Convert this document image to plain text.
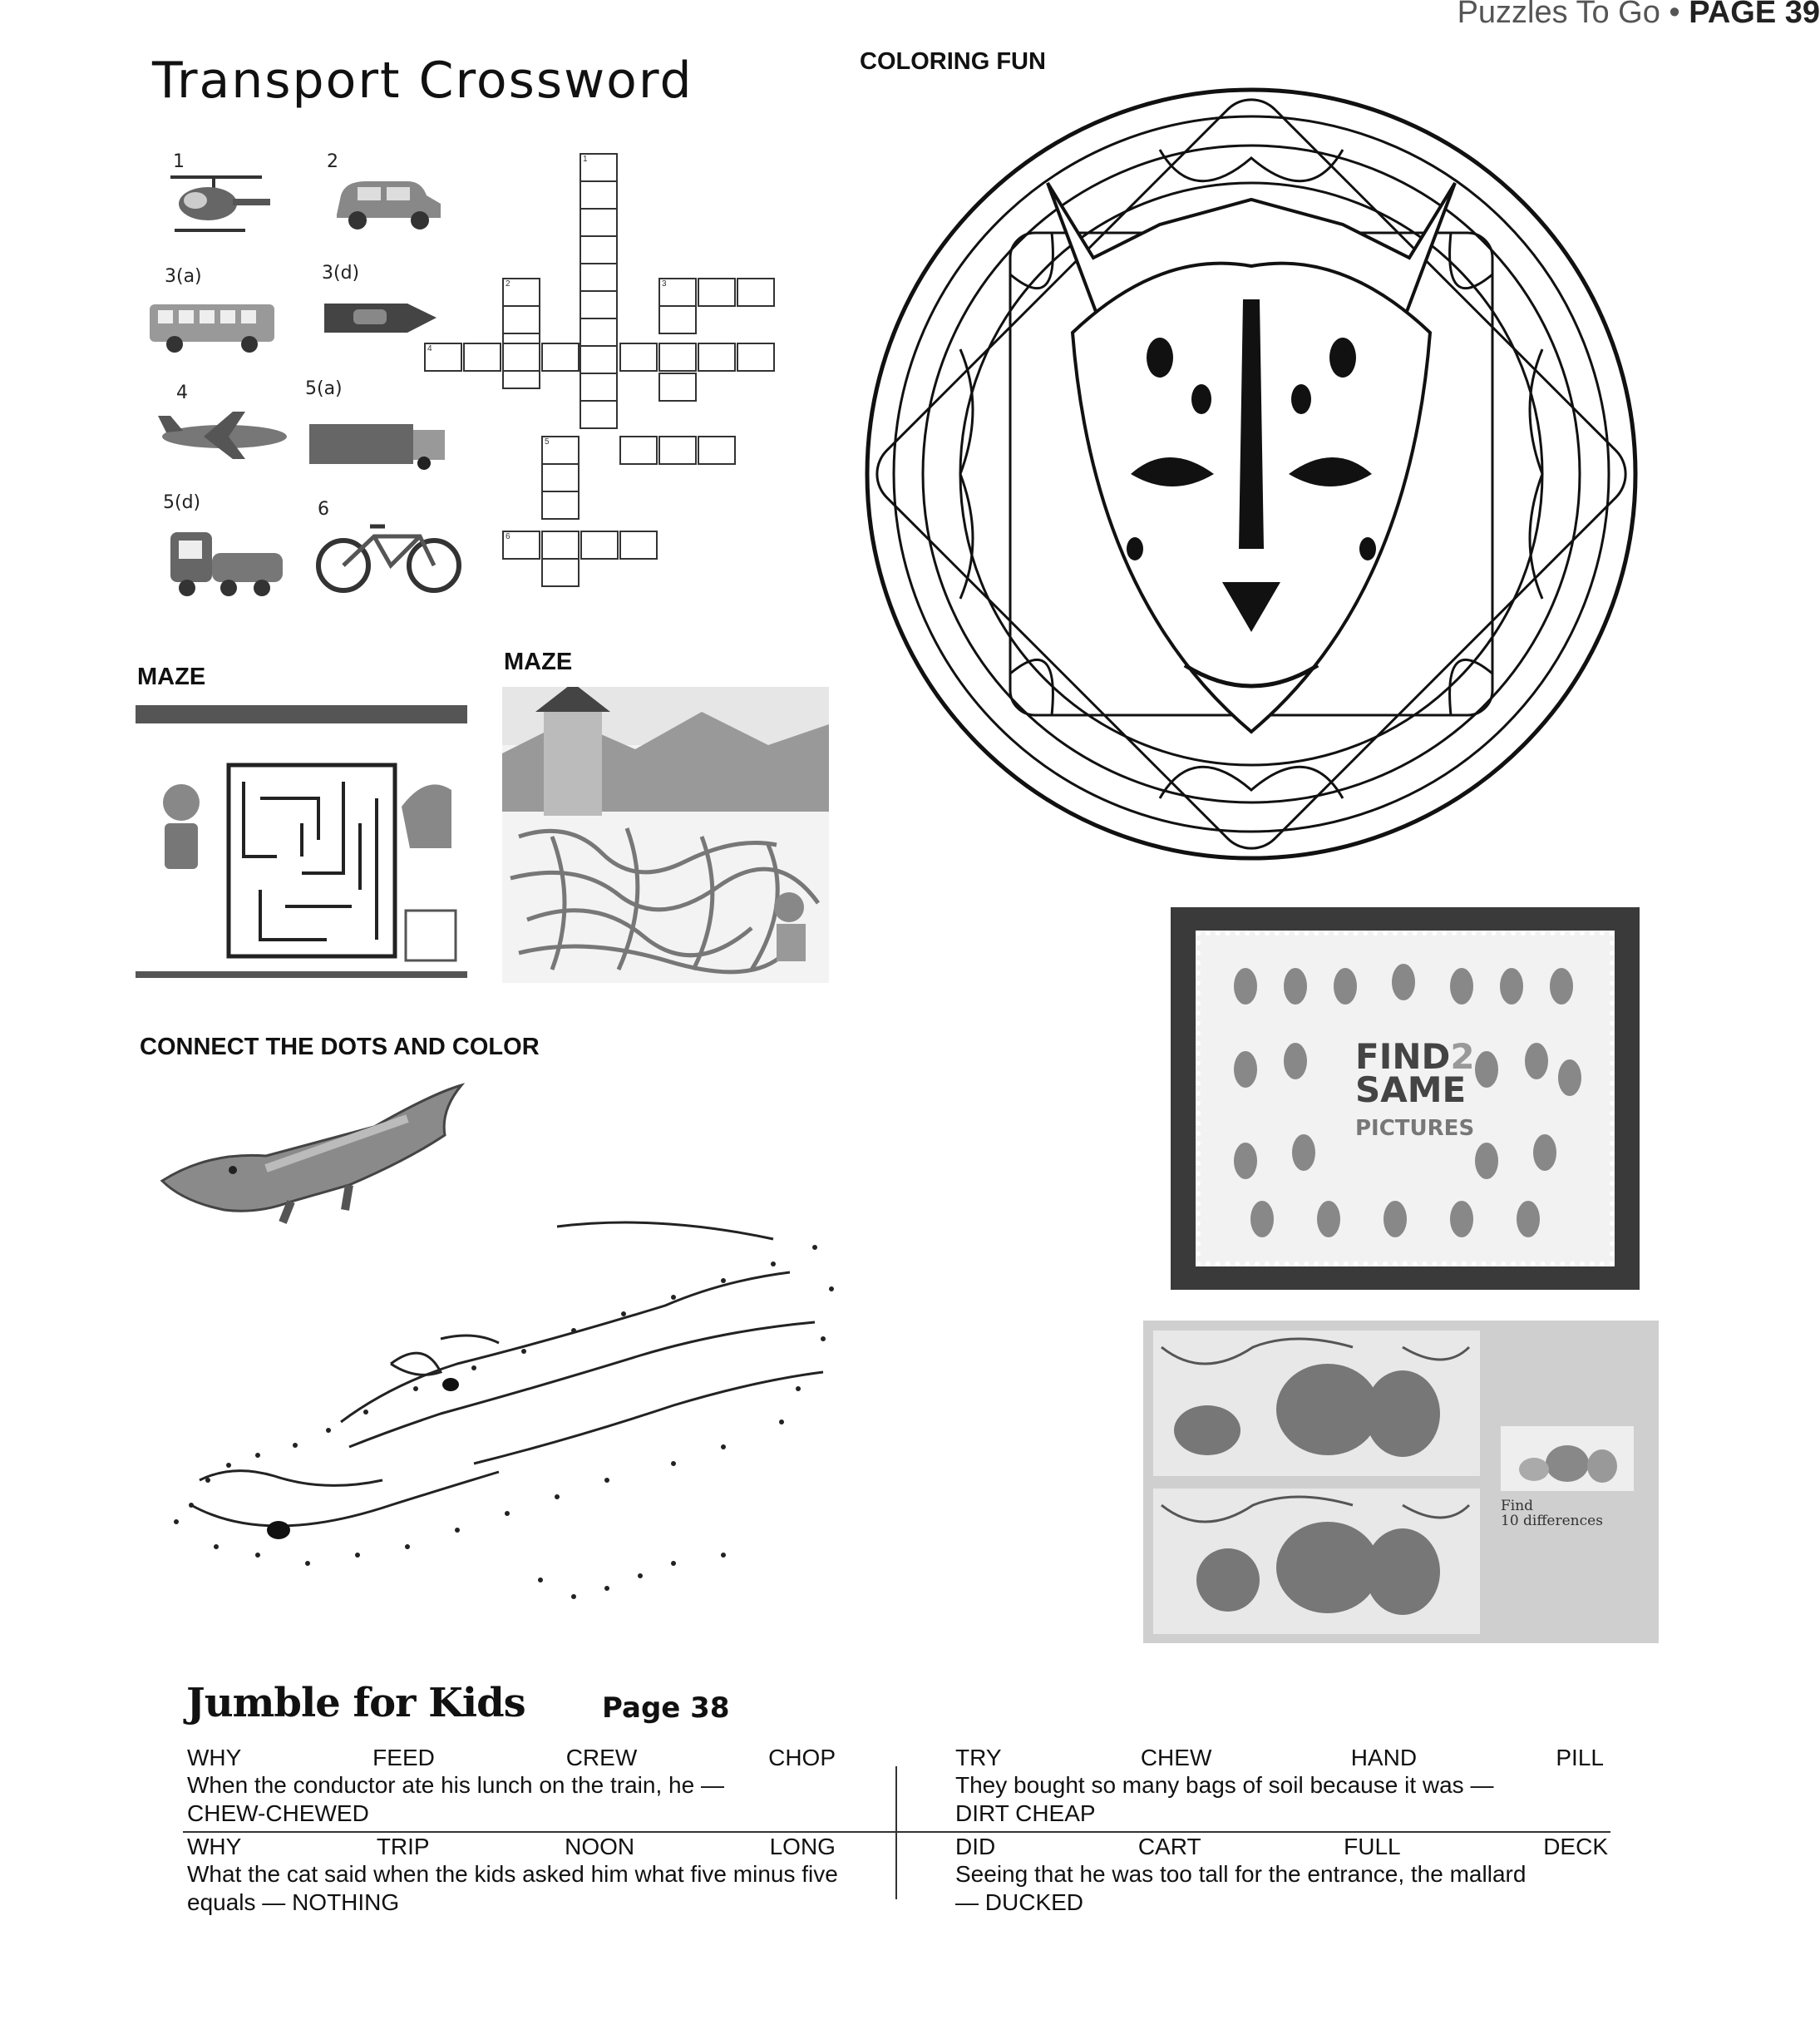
Puzzles To Go • PAGE 39
Transport Crossword
1	2
3(a)	3(d)
4	5(a)
5(d)	6
1
2	3
4
5
6
COLORING FUN
MAZE
MAZE
CONNECT THE DOTS AND COLOR	FIND2
SAME
PICTURES
Find
10 differences
Jumble for Kids	Page 38
WHY	FEED	CREW	CHOP
When the conductor ate his lunch on the train, he —
CHEW-CHEWED
TRY	CHEW	HAND	PILL
They bought so many bags of soil because it was —
DIRT CHEAP
WHY	TRIP	NOON	LONG
What the cat said when the kids asked him what five minus five equals — NOTHING
DID	CART	FULL	DECK
Seeing that he was too tall for the entrance, the mallard — DUCKED
